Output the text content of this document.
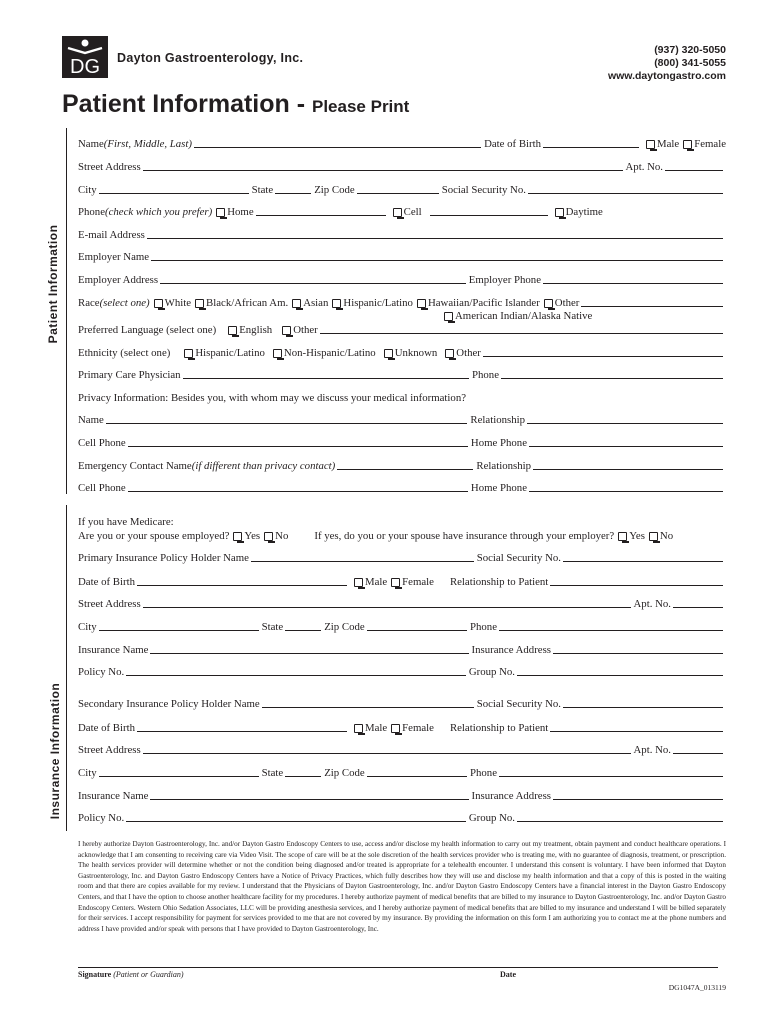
DG Dayton Gastroenterology, Inc.
(937) 320-5050
(800) 341-5055
www.daytongastro.com
Patient Information - Please Print
Patient Information
Insurance Information
Name (First, Middle, Last)	Date of Birth	Male Female
Street Address	Apt. No.
City	State	Zip Code	Social Security No.
Phone (check which you prefer) Home	Cell	Daytime
E-mail Address
Employer Name
Employer Address	Employer Phone
Race (select one) White Black/African Am. Asian Hispanic/Latino Hawaiian/Pacific Islander Other
American Indian/Alaska Native
Preferred Language (select one) English Other
Ethnicity (select one) Hispanic/Latino Non-Hispanic/Latino Unknown Other
Primary Care Physician	Phone
Privacy Information: Besides you, with whom may we discuss your medical information?
Name	Relationship
Cell Phone	Home Phone
Emergency Contact Name (if different than privacy contact)	Relationship
Cell Phone	Home Phone
If you have Medicare:
Are you or your spouse employed? Yes No If yes, do you or your spouse have insurance through your employer? Yes No
Primary Insurance Policy Holder Name	Social Security No.
Date of Birth	Male Female Relationship to Patient
Street Address	Apt. No.
City	State	Zip Code	Phone
Insurance Name	Insurance Address
Policy No.	Group No.
Secondary Insurance Policy Holder Name	Social Security No.
Date of Birth	Male Female Relationship to Patient
Street Address	Apt. No.
City	State	Zip Code	Phone
Insurance Name	Insurance Address
Policy No.	Group No.
I hereby authorize Dayton Gastroenterology, Inc. and/or Dayton Gastro Endoscopy Centers to use, access and/or disclose my health information to carry out my treatment, obtain payment and conduct healthcare operations. I acknowledge that I am consenting to receiving care via Video Visit. The scope of care will be at the sole discretion of the health services provider who is treating me, with no guarantee of diagnosis, treatment, or prescription. The health services provider will determine whether or not the condition being diagnosed and/or treated is appropriate for a telehealth encounter. I understand this consent is voluntary. I have been informed that Dayton Gastroenterology, Inc. and Dayton Gastro Endoscopy Centers have a Notice of Privacy Practices, which fully describes how they will use and disclose my health information and that a copy of this is posted in the waiting room and that there are copies available for my review. I understand that the Physicians of Dayton Gastroenterology, Inc. and/or Dayton Gastro Endoscopy Centers have a financial interest in the Dayton Gastro Endoscopy Centers, and that I have the option to choose another healthcare facility for my procedures. I hereby authorize payment of medical benefits that are billed to my insurance to Dayton Gastroenterology, Inc. and/or Dayton Gastro Endoscopy Centers. Western Ohio Sedation Associates, LLC will be providing anesthesia services, and I hereby authorize payment of medical benefits that are billed to my insurance and understand I will be billed separately for their services. I accept responsibility for payment for services provided to me that are not covered by my insurance. By providing the information on this form I am authorizing you to contact me at the phone numbers and address I have provided and/or speak with persons that I have provided to Dayton Gastroenterology, Inc.
Signature (Patient or Guardian)	Date
DG1047A_013119
